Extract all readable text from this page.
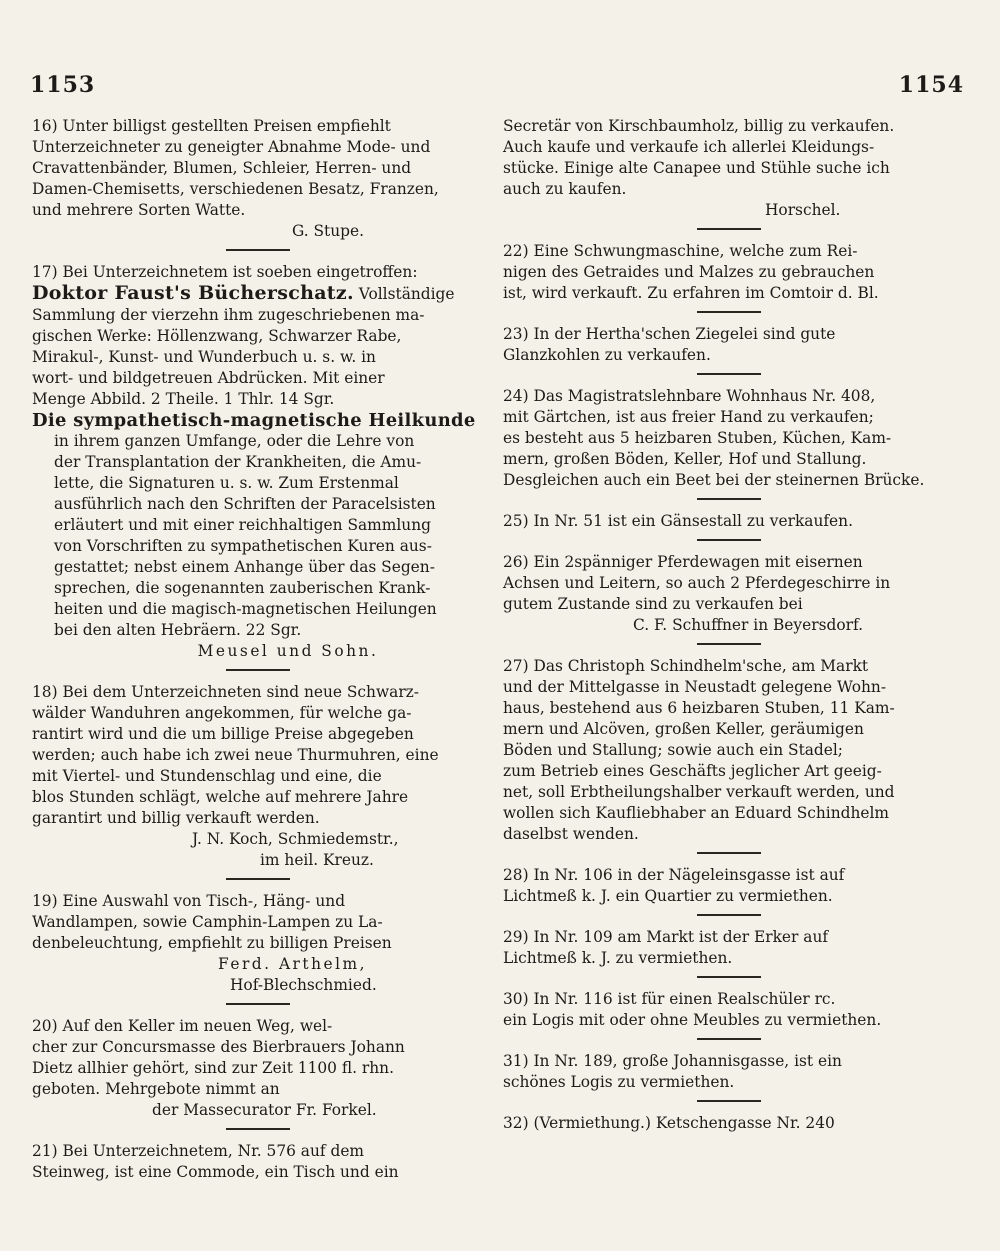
1153	1154
16) Unter billigst gestellten Preisen empfiehlt
Unterzeichneter zu geneigter Abnahme Mode- und
Cravattenbänder, Blumen, Schleier, Herren- und
Damen-Chemisetts, verschiedenen Besatz, Franzen,
und mehrere Sorten Watte.
G. Stupe.
17) Bei Unterzeichnetem ist soeben eingetroffen:
Doktor Faust's Bücherschatz. Vollständige
Sammlung der vierzehn ihm zugeschriebenen ma-
gischen Werke: Höllenzwang, Schwarzer Rabe,
Mirakul-, Kunst- und Wunderbuch u. s. w. in
wort- und bildgetreuen Abdrücken. Mit einer
Menge Abbild. 2 Theile. 1 Thlr. 14 Sgr.
Die sympathetisch-magnetische Heilkunde
in ihrem ganzen Umfange, oder die Lehre von
der Transplantation der Krankheiten, die Amu-
lette, die Signaturen u. s. w. Zum Erstenmal
ausführlich nach den Schriften der Paracelsisten
erläutert und mit einer reichhaltigen Sammlung
von Vorschriften zu sympathetischen Kuren aus-
gestattet; nebst einem Anhange über das Segen-
sprechen, die sogenannten zauberischen Krank-
heiten und die magisch-magnetischen Heilungen
bei den alten Hebräern. 22 Sgr.
Meusel und Sohn.
18) Bei dem Unterzeichneten sind neue Schwarz-
wälder Wanduhren angekommen, für welche ga-
rantirt wird und die um billige Preise abgegeben
werden; auch habe ich zwei neue Thurmuhren, eine
mit Viertel- und Stundenschlag und eine, die
blos Stunden schlägt, welche auf mehrere Jahre
garantirt und billig verkauft werden.
J. N. Koch, Schmiedemstr.,
im heil. Kreuz.
19) Eine Auswahl von Tisch-, Häng- und
Wandlampen, sowie Camphin-Lampen zu La-
denbeleuchtung, empfiehlt zu billigen Preisen
Ferd. Arthelm,
Hof-Blechschmied.
20) Auf den Keller im neuen Weg, wel-
cher zur Concursmasse des Bierbrauers Johann
Dietz allhier gehört, sind zur Zeit 1100 fl. rhn.
geboten. Mehrgebote nimmt an
der Massecurator Fr. Forkel.
21) Bei Unterzeichnetem, Nr. 576 auf dem
Steinweg, ist eine Commode, ein Tisch und ein
Secretär von Kirschbaumholz, billig zu verkaufen.
Auch kaufe und verkaufe ich allerlei Kleidungs-
stücke. Einige alte Canapee und Stühle suche ich
auch zu kaufen.
Horschel.
22) Eine Schwungmaschine, welche zum Rei-
nigen des Getraides und Malzes zu gebrauchen
ist, wird verkauft. Zu erfahren im Comtoir d. Bl.
23) In der Hertha'schen Ziegelei sind gute
Glanzkohlen zu verkaufen.
24) Das Magistratslehnbare Wohnhaus Nr. 408,
mit Gärtchen, ist aus freier Hand zu verkaufen;
es besteht aus 5 heizbaren Stuben, Küchen, Kam-
mern, großen Böden, Keller, Hof und Stallung.
Desgleichen auch ein Beet bei der steinernen Brücke.
25) In Nr. 51 ist ein Gänsestall zu verkaufen.
26) Ein 2spänniger Pferdewagen mit eisernen
Achsen und Leitern, so auch 2 Pferdegeschirre in
gutem Zustande sind zu verkaufen bei
C. F. Schuffner in Beyersdorf.
27) Das Christoph Schindhelm'sche, am Markt
und der Mittelgasse in Neustadt gelegene Wohn-
haus, bestehend aus 6 heizbaren Stuben, 11 Kam-
mern und Alcöven, großen Keller, geräumigen
Böden und Stallung; sowie auch ein Stadel;
zum Betrieb eines Geschäfts jeglicher Art geeig-
net, soll Erbtheilungshalber verkauft werden, und
wollen sich Kaufliebhaber an Eduard Schindhelm
daselbst wenden.
28) In Nr. 106 in der Nägeleinsgasse ist auf
Lichtmeß k. J. ein Quartier zu vermiethen.
29) In Nr. 109 am Markt ist der Erker auf
Lichtmeß k. J. zu vermiethen.
30) In Nr. 116 ist für einen Realschüler rc.
ein Logis mit oder ohne Meubles zu vermiethen.
31) In Nr. 189, große Johannisgasse, ist ein
schönes Logis zu vermiethen.
32) (Vermiethung.) Ketschengasse Nr. 240
